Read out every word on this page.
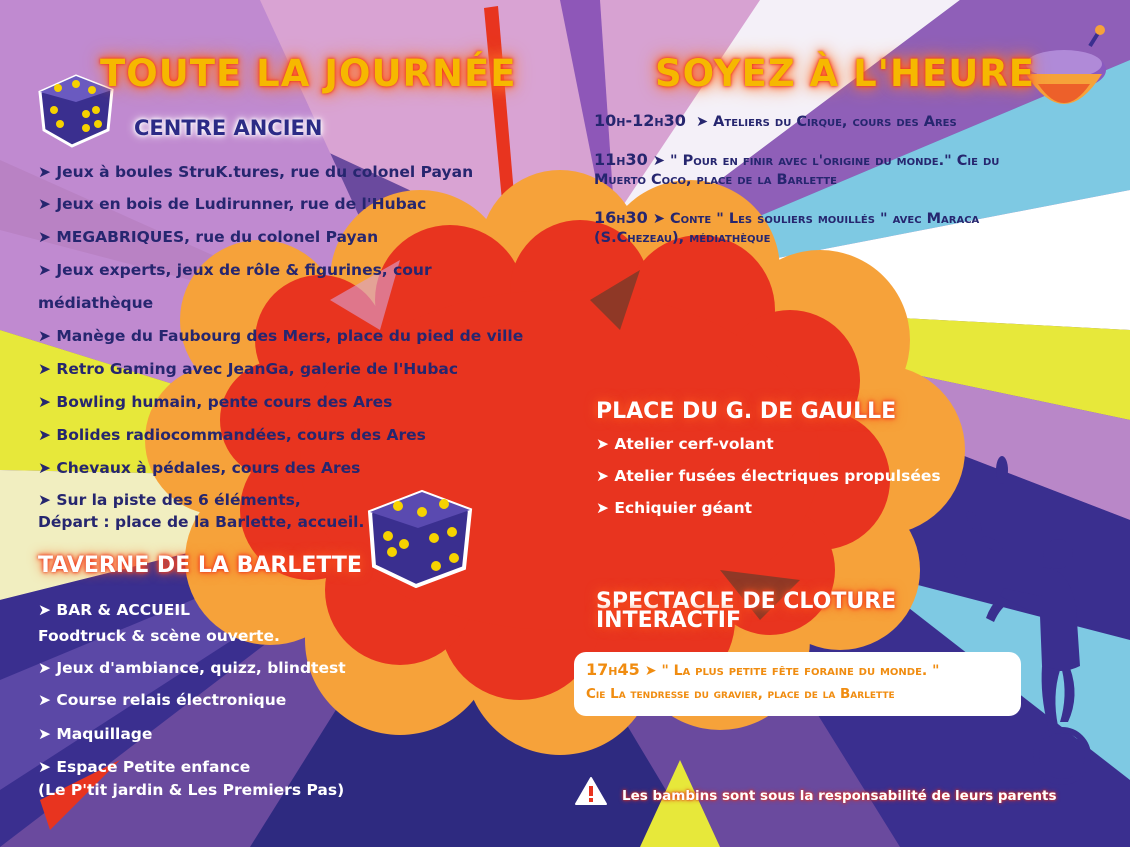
TOUTE LA JOURNÉE
CENTRE ANCIEN
➤ Jeux à boules StruK.tures, rue du colonel Payan
➤ Jeux en bois de Ludirunner, rue de l'Hubac
➤ MEGABRIQUES, rue du colonel Payan
➤ Jeux experts, jeux de rôle & figurines, cour
médiathèque
➤ Manège du Faubourg des Mers, place du pied de ville
➤ Retro Gaming avec JeanGa, galerie de l'Hubac
➤ Bowling humain, pente cours des Ares
➤ Bolides radiocommandées, cours des Ares
➤ Chevaux à pédales, cours des Ares
➤ Sur la piste des 6 éléments,
Départ : place de la Barlette, accueil.
TAVERNE DE LA BARLETTE
➤ BAR & ACCUEIL
Foodtruck & scène ouverte.
➤ Jeux d'ambiance, quizz, blindtest
➤ Course relais électronique
➤ Maquillage
➤ Espace Petite enfance
(Le P'tit jardin & Les Premiers Pas)
SOYEZ À L'HEURE
10h-12h30 ➤ Ateliers du Cirque, cours des Ares
11h30 ➤ " Pour en finir avec l'origine du monde." Cie du
Muerto Coco, place de la Barlette
16h30 ➤ Conte " Les souliers mouillés " avec Maraca
(S.Chezeau), médiathèque
PLACE DU G. DE GAULLE
➤ Atelier cerf-volant
➤ Atelier fusées électriques propulsées
➤ Echiquier géant
SPECTACLE DE CLOTURE
INTERACTIF
17h45 ➤ " La plus petite fête foraine du monde. "
Cie La tendresse du gravier, place de la Barlette
Les bambins sont sous la responsabilité de leurs parents
